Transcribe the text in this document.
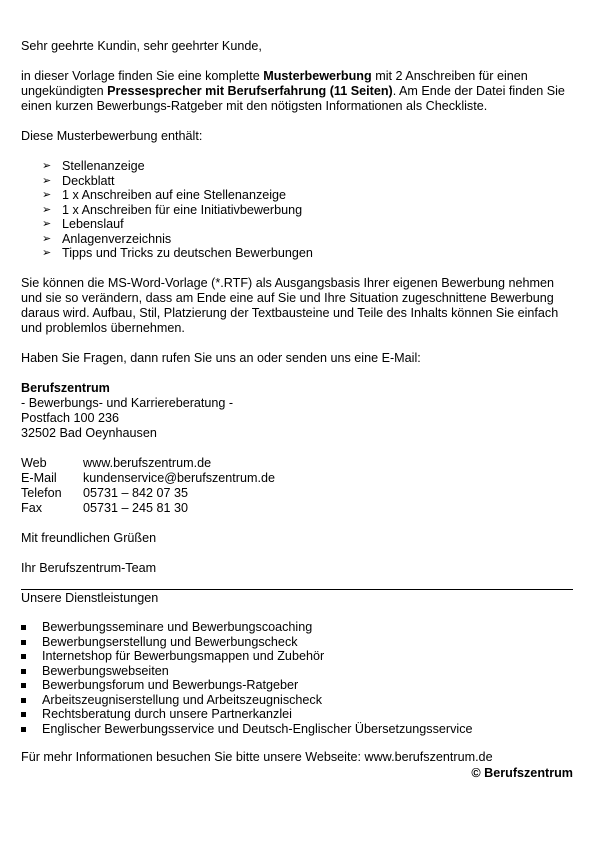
Sehr geehrte Kundin, sehr geehrter Kunde,

in dieser Vorlage finden Sie eine komplette Musterbewerbung mit 2 Anschreiben für einen ungekündigten Pressesprecher mit Berufserfahrung (11 Seiten). Am Ende der Datei finden Sie einen kurzen Bewerbungs-Ratgeber mit den nötigsten Informationen als Checkliste.

Diese Musterbewerbung enthält:

➢ Stellenanzeige
➢ Deckblatt
➢ 1 x Anschreiben auf eine Stellenanzeige
➢ 1 x Anschreiben für eine Initiativbewerbung
➢ Lebenslauf
➢ Anlagenverzeichnis
➢ Tipps und Tricks zu deutschen Bewerbungen

Sie können die MS-Word-Vorlage (*.RTF) als Ausgangsbasis Ihrer eigenen Bewerbung nehmen und sie so verändern, dass am Ende eine auf Sie und Ihre Situation zugeschnittene Bewerbung daraus wird. Aufbau, Stil, Platzierung der Textbausteine und Teile des Inhalts können Sie einfach und problemlos übernehmen.

Haben Sie Fragen, dann rufen Sie uns an oder senden uns eine E-Mail:

Berufszentrum

- Bewerbungs- und Karriereberatung -

Postfach 100 236

32502 Bad Oeynhausen

Web	www.berufszentrum.de
E-Mail	kundenservice@berufszentrum.de
Telefon	05731 – 842 07 35
Fax	05731 – 245 81 30

Mit freundlichen Grüßen

Ihr Berufszentrum-Team

Unsere Dienstleistungen

Bewerbungsseminare und Bewerbungscoaching
Bewerbungserstellung und Bewerbungscheck
Internetshop für Bewerbungsmappen und Zubehör
Bewerbungswebseiten
Bewerbungsforum und Bewerbungs-Ratgeber
Arbeitszeugniserstellung und Arbeitszeugnischeck
Rechtsberatung durch unsere Partnerkanzlei
Englischer Bewerbungsservice und Deutsch-Englischer Übersetzungsservice

Für mehr Informationen besuchen Sie bitte unsere Webseite: www.berufszentrum.de

© Berufszentrum
